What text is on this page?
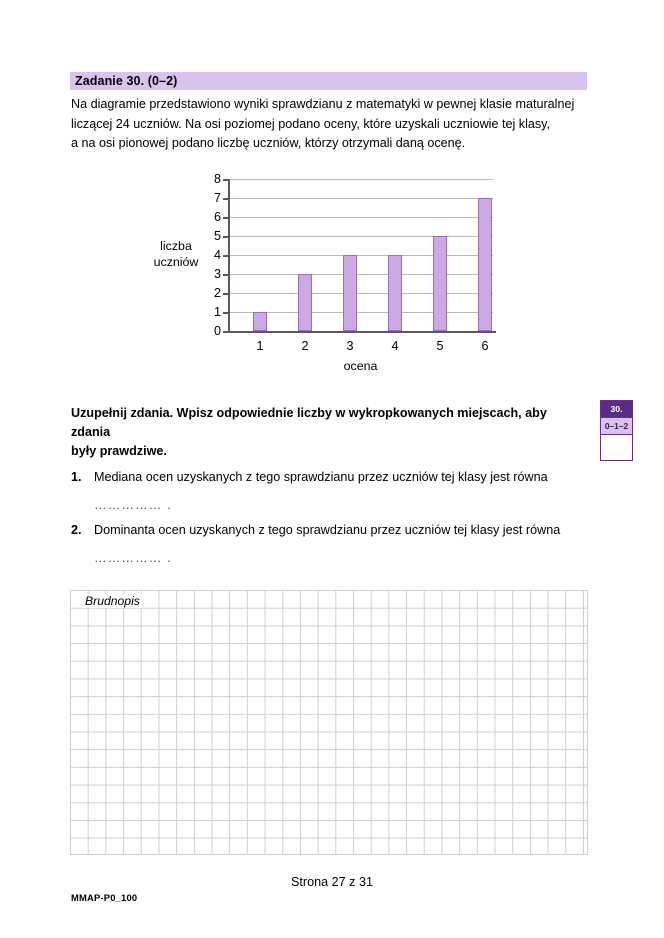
Zadanie 30. (0–2)
Na diagramie przedstawiono wyniki sprawdzianu z matematyki w pewnej klasie maturalnej
liczącej 24 uczniów. Na osi poziomej podano oceny, które uzyskali uczniowie tej klasy,
a na osi pionowej podano liczbę uczniów, którzy otrzymali daną ocenę.
liczba
uczniów
8
7
6
5
4
3
2
1
0
1	2	3	4	5	6
ocena
Uzupełnij zdania. Wpisz odpowiednie liczby w wykropkowanych miejscach, aby zdania
były prawdziwe.
1. Mediana ocen uzyskanych z tego sprawdzianu przez uczniów tej klasy jest równa
…………… .
2. Dominanta ocen uzyskanych z tego sprawdzianu przez uczniów tej klasy jest równa
…………… .
30.
0–1–2
Brudnopis
Strona 27 z 31
MMAP-P0_100
